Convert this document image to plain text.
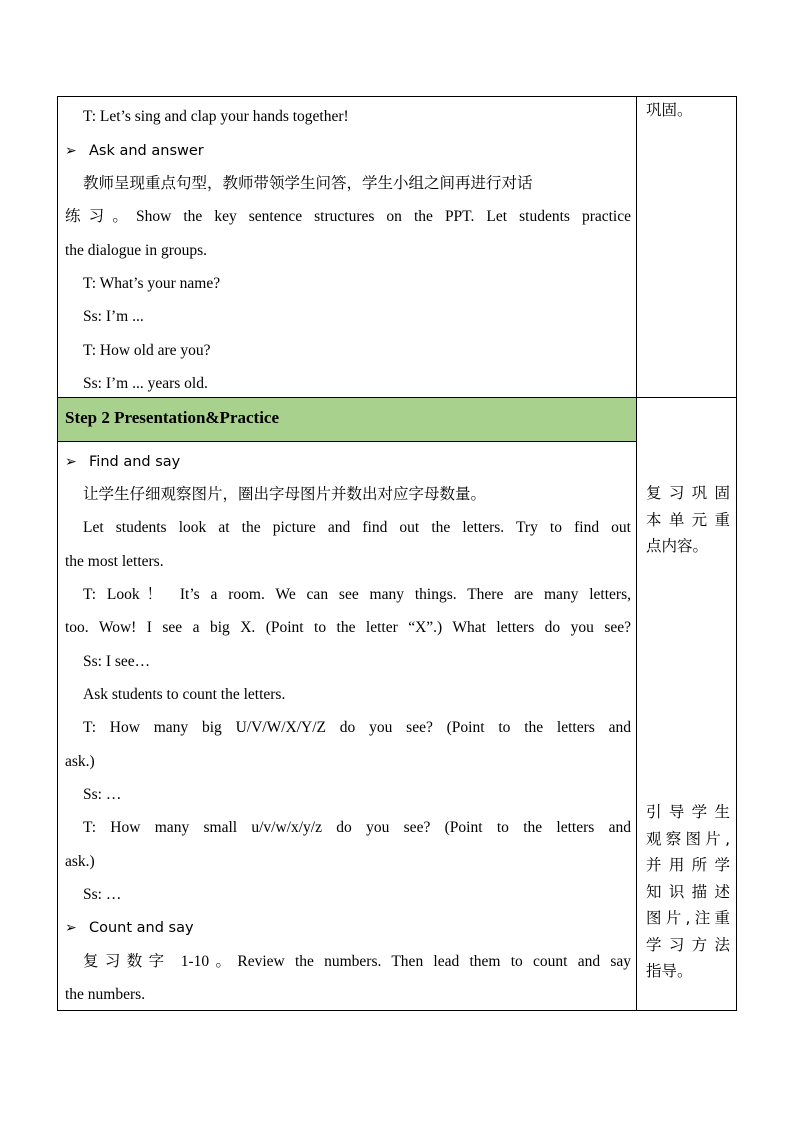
T: Let’s sing and clap your hands together!
➢ Ask and answer
教师呈现重点句型，教师带领学生问答，学生小组之间再进行对话
练习。Show the key sentence structures on the PPT. Let students practice
the dialogue in groups.
T: What’s your name?
Ss: I’m ...
T: How old are you?
Ss: I’m ... years old.
巩固。
Step 2 Presentation&Practice
➢ Find and say
让学生仔细观察图片，圈出字母图片并数出对应字母数量。
Let students look at the picture and find out the letters. Try to find out
the most letters.
T: Look！ It’s a room. We can see many things. There are many letters,
too. Wow! I see a big X. (Point to the letter “X”.) What letters do you see?
Ss: I see…
Ask students to count the letters.
T: How many big U/V/W/X/Y/Z do you see? (Point to the letters and
ask.)
Ss: …
T: How many small u/v/w/x/y/z do you see? (Point to the letters and
ask.)
Ss: …
➢ Count and say
复习数字 1-10。Review the numbers. Then lead them to count and say
the numbers.
复习巩固
本单元重
点内容。
引导学生
观察图片,
并用所学
知识描述
图片,注重
学习方法
指导。
